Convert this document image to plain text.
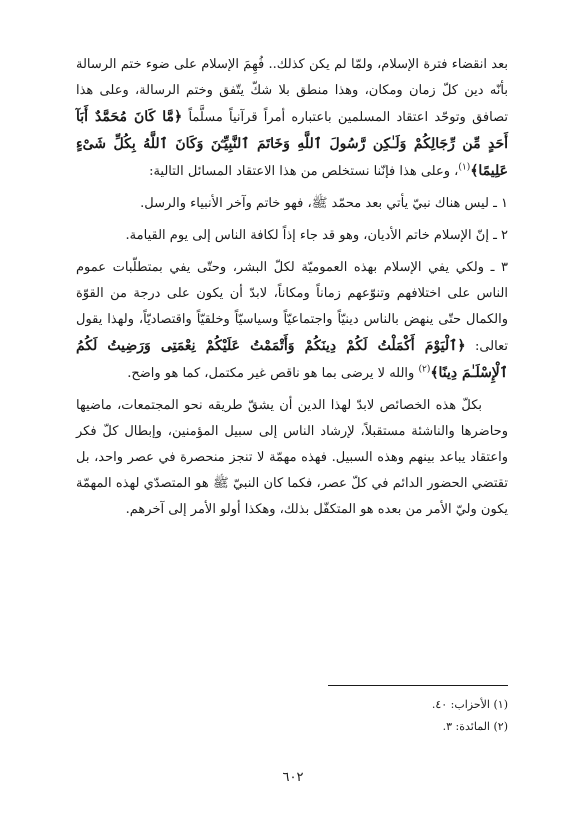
بعد انقضاء فترة الإسلام، ولمّا لم يكن كذلك.. فُهِمَ الإسلام على ضوء ختم الرسالة بأنّه دين كلّ زمان ومكان، وهذا منطق بلا شكّ يتّفق وختم الرسالة، وعلى هذا تصافق وتوحّد اعتقاد المسلمين باعتباره أمراً قرآنياً مسلَّماً ﴿مَّا كَانَ مُحَمَّدٌ أَبَآ أَحَدٍ مِّن رِّجَالِكُمْ وَلَـٰكِن رَّسُولَ ٱللَّهِ وَخَاتَمَ ٱلنَّبِيِّـۧنَ وَكَانَ ٱللَّهُ بِكُلِّ شَىْءٍ عَلِيمًا﴾$^{(١)}$، وعلى هذا فإنّنا نستخلص من هذا الاعتقاد المسائل التالية:

١ ـ ليس هناك نبيّ يأتي بعد محمّد ﷺ، فهو خاتم وآخر الأنبياء والرسل.

٢ ـ إنّ الإسلام خاتم الأديان، وهو قد جاء إذاً لكافة الناس إلى يوم القيامة.

٣ ـ ولكي يفي الإسلام بهذه العموميّة لكلّ البشر، وحتّى يفي بمتطلّبات عموم الناس على اختلافهم وتنوّعهم زماناً ومكاناً، لابدّ أن يكون على درجة من القوّة والكمال حتّى ينهض بالناس دينيّاً واجتماعيّاً وسياسيّاً وخلقيّاً واقتصاديّاً، ولهذا يقول تعالى: ﴿ٱلْيَوْمَ أَكْمَلْتُ لَكُمْ دِينَكُمْ وَأَتْمَمْتُ عَلَيْكُمْ نِعْمَتِى وَرَضِيتُ لَكُمُ ٱلْإِسْلَـٰمَ دِينًا﴾$^{(٢)}$ والله لا يرضى بما هو ناقص غير مكتمل، كما هو واضح.

بكلّ هذه الخصائص لابدّ لهذا الدين أن يشقّ طريقه نحو المجتمعات، ماضيها وحاضرها والناشئة مستقبلاً، لإرشاد الناس إلى سبيل المؤمنين، وإبطال كلّ فكر واعتقاد يباعد بينهم وهذه السبيل. فهذه مهمّة لا تنجز منحصرة في عصر واحد، بل تقتضي الحضور الدائم في كلّ عصر، فكما كان النبيّ ﷺ هو المتصدّي لهذه المهمّة يكون وليّ الأمر من بعده هو المتكفّل بذلك، وهكذا أولو الأمر إلى آخرهم.

(١) الأحزاب: ٤٠.

(٢) المائدة: ٣.

٦٠٢
